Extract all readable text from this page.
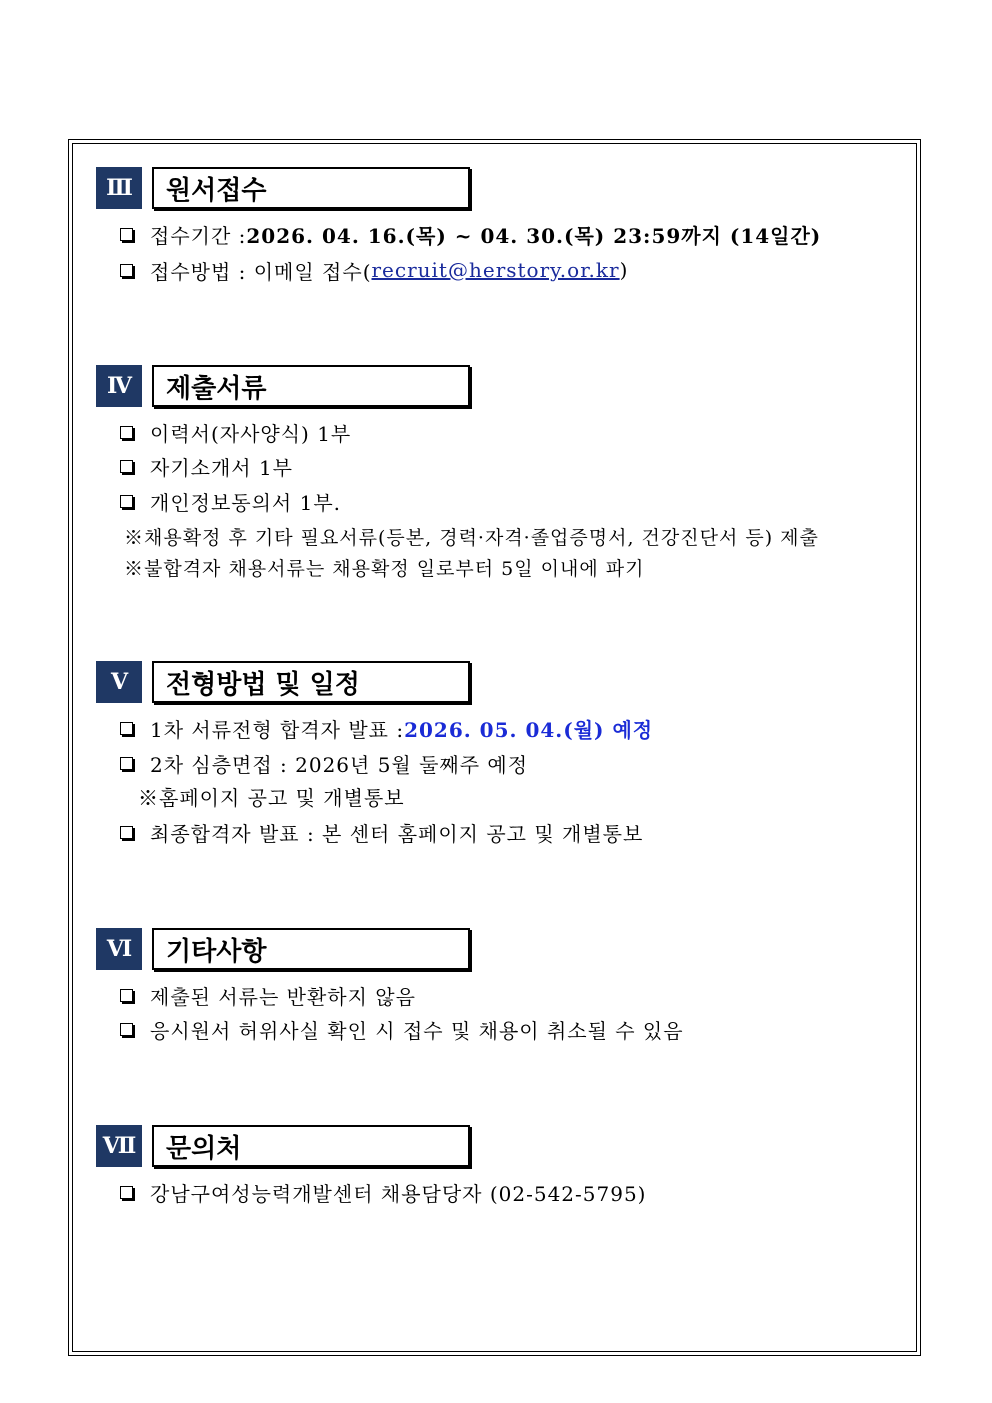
Ⅲ	원서접수
접수기간 : 2026. 04. 16.(목) ~ 04. 30.(목) 23:59까지 (14일간)
접수방법 : 이메일 접수( recruit@herstory.or.kr )
Ⅳ	제출서류
이력서(자사양식) 1부
자기소개서 1부
개인정보동의서 1부.
※채용확정 후 기타 필요서류(등본, 경력·자격·졸업증명서, 건강진단서 등) 제출
※불합격자 채용서류는 채용확정 일로부터 5일 이내에 파기
Ⅴ	전형방법 및 일정
1차 서류전형 합격자 발표 : 2026. 05. 04.(월) 예정
2차 심층면접 : 2026년 5월 둘째주 예정
※홈페이지 공고 및 개별통보
최종합격자 발표 : 본 센터 홈페이지 공고 및 개별통보
Ⅵ	기타사항
제출된 서류는 반환하지 않음
응시원서 허위사실 확인 시 접수 및 채용이 취소될 수 있음
Ⅶ	문의처
강남구여성능력개발센터 채용담당자 (02-542-5795)
